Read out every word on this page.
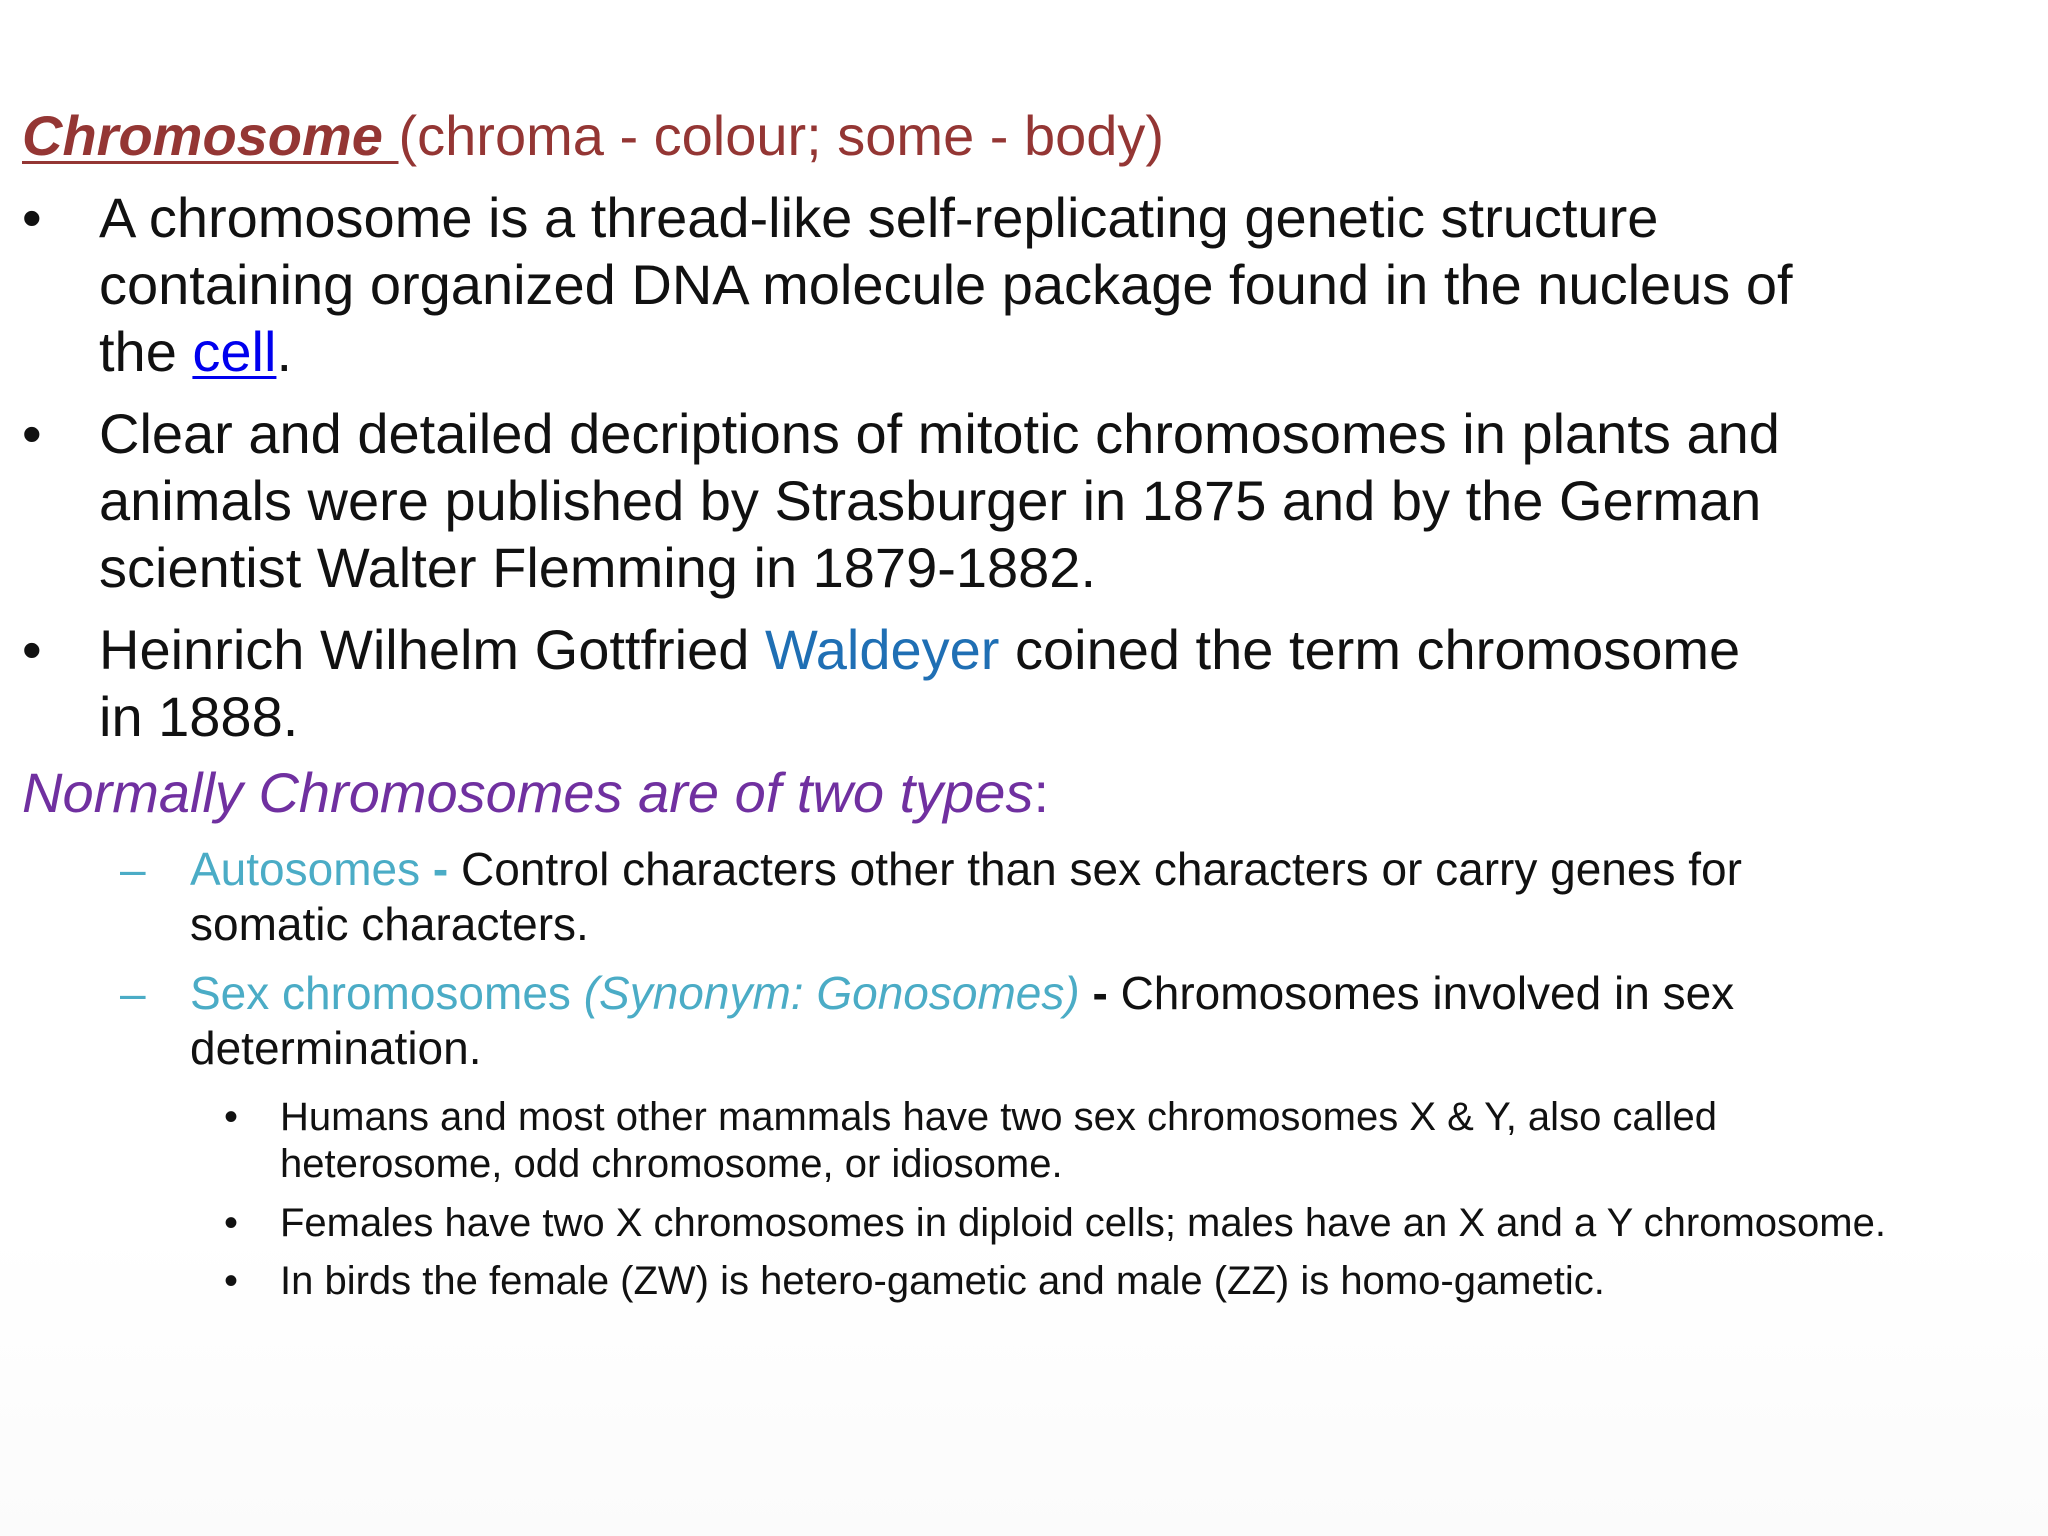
Chromosome (chroma - colour; some - body)
•	A chromosome is a thread-like self-replicating genetic structure
containing organized DNA molecule package found in the nucleus of
the cell.
•	Clear and detailed decriptions of mitotic chromosomes in plants and
animals were published by Strasburger in 1875 and by the German
scientist Walter Flemming in 1879-1882.
•	Heinrich Wilhelm Gottfried Waldeyer coined the term chromosome
in 1888.
Normally Chromosomes are of two types:
– Autosomes - Control characters other than sex characters or carry genes for
somatic characters.
– Sex chromosomes (Synonym: Gonosomes) - Chromosomes involved in sex
determination.
•	Humans and most other mammals have two sex chromosomes X & Y, also called
heterosome, odd chromosome, or idiosome.
•	Females have two X chromosomes in diploid cells; males have an X and a Y chromosome.
•	In birds the female (ZW) is hetero-gametic and male (ZZ) is homo-gametic.
